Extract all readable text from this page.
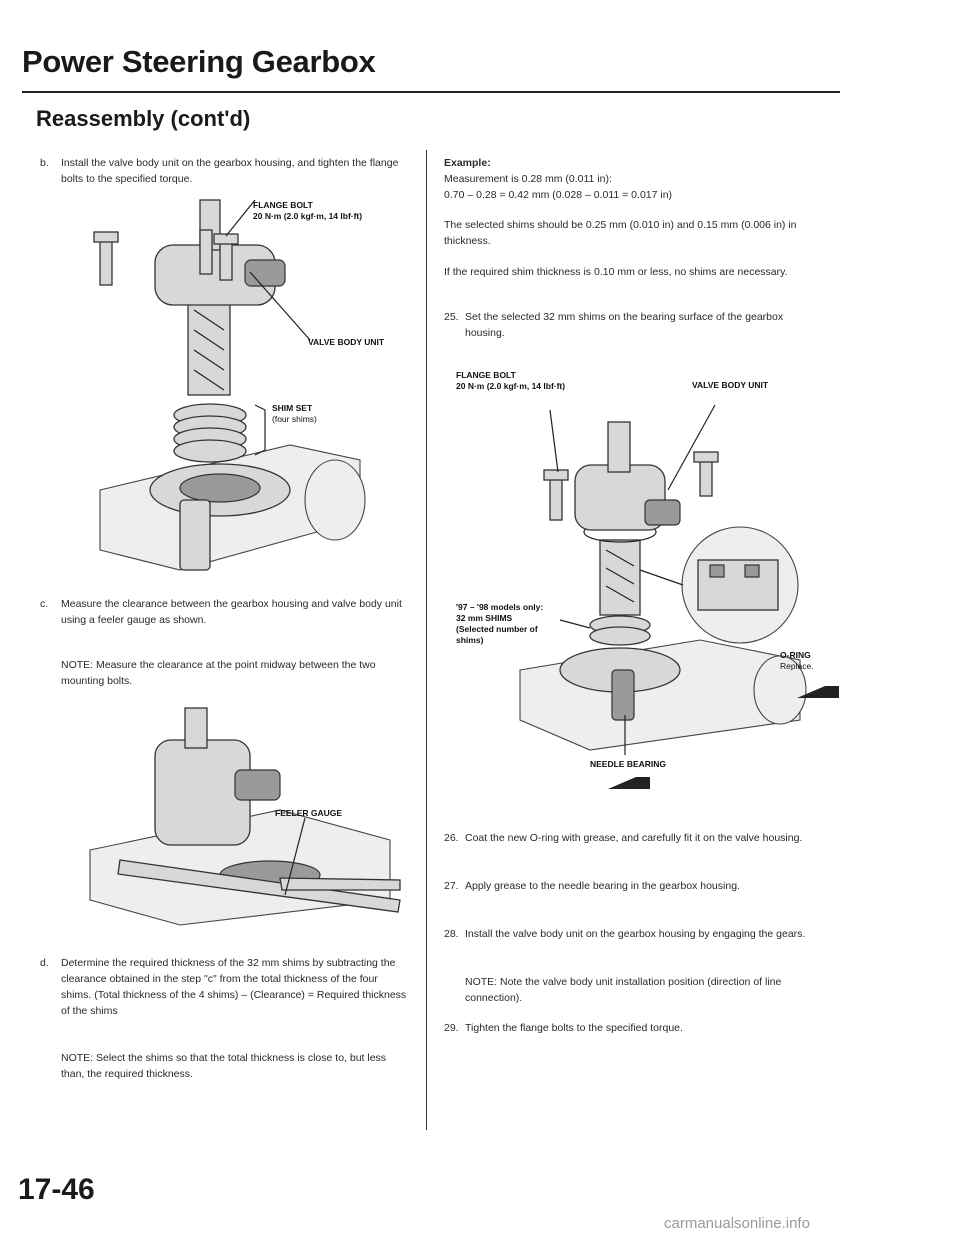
Power Steering Gearbox
Reassembly (cont'd)
b. Install the valve body unit on the gearbox housing, and tighten the flange bolts to the specified torque.
FLANGE BOLT
20 N·m (2.0 kgf·m, 14 lbf·ft)
VALVE BODY UNIT
SHIM SET
(four shims)
c. Measure the clearance between the gearbox housing and valve body unit using a feeler gauge as shown.
NOTE: Measure the clearance at the point midway between the two mounting bolts.
FEELER GAUGE
d. Determine the required thickness of the 32 mm shims by subtracting the clearance obtained in the step "c" from the total thickness of the four shims. (Total thickness of the 4 shims) – (Clearance) = Required thickness of the shims
NOTE: Select the shims so that the total thickness is close to, but less than, the required thickness.
Example:
Measurement is 0.28 mm (0.011 in):
0.70 – 0.28 = 0.42 mm (0.028 – 0.011 = 0.017 in)
The selected shims should be 0.25 mm (0.010 in) and 0.15 mm (0.006 in) in thickness.
If the required shim thickness is 0.10 mm or less, no shims are necessary.
25. Set the selected 32 mm shims on the bearing surface of the gearbox housing.
FLANGE BOLT
20 N·m (2.0 kgf·m, 14 lbf·ft)	VALVE BODY UNIT
'97 – '98 models only:
32 mm SHIMS
(Selected number of
shims)
O-RING
Replace.
NEEDLE BEARING
26. Coat the new O-ring with grease, and carefully fit it on the valve housing.
27. Apply grease to the needle bearing in the gearbox housing.
28. Install the valve body unit on the gearbox housing by engaging the gears.
NOTE: Note the valve body unit installation position (direction of line connection).
29. Tighten the flange bolts to the specified torque.
17-46
carmanualsonline.info
